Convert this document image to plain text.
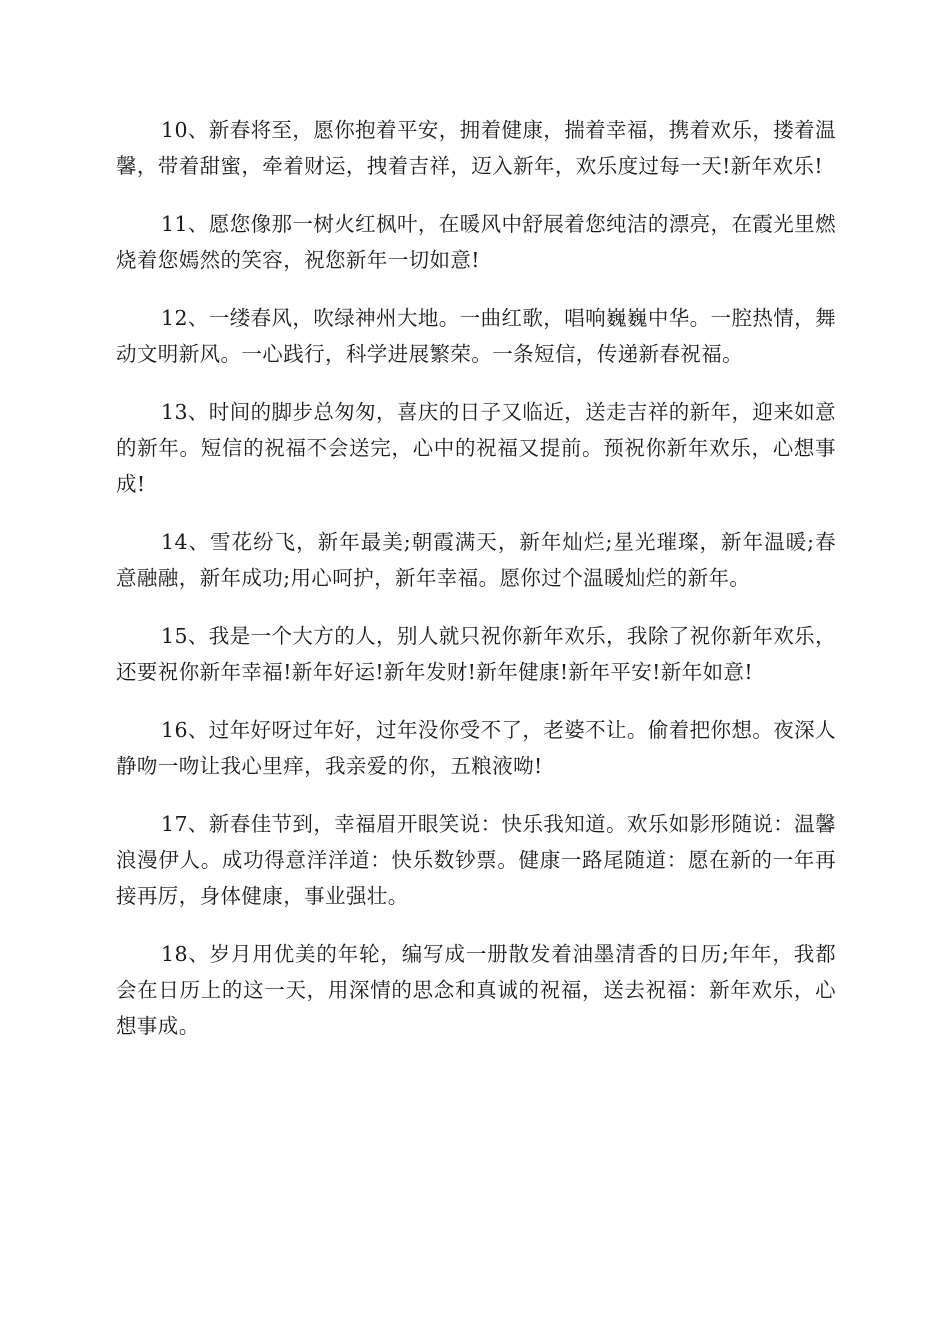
10、新春将至，愿你抱着平安，拥着健康，揣着幸福，携着欢乐，搂着温馨，带着甜蜜，牵着财运，拽着吉祥，迈入新年，欢乐度过每一天!新年欢乐!

11、愿您像那一树火红枫叶，在暖风中舒展着您纯洁的漂亮，在霞光里燃烧着您嫣然的笑容，祝您新年一切如意!

12、一缕春风，吹绿神州大地。一曲红歌，唱响巍巍中华。一腔热情，舞动文明新风。一心践行，科学进展繁荣。一条短信，传递新春祝福。

13、时间的脚步总匆匆，喜庆的日子又临近，送走吉祥的新年，迎来如意的新年。短信的祝福不会送完，心中的祝福又提前。预祝你新年欢乐，心想事成!

14、雪花纷飞，新年最美;朝霞满天，新年灿烂;星光璀璨，新年温暖;春意融融，新年成功;用心呵护，新年幸福。愿你过个温暖灿烂的新年。

15、我是一个大方的人，别人就只祝你新年欢乐，我除了祝你新年欢乐，还要祝你新年幸福!新年好运!新年发财!新年健康!新年平安!新年如意!

16、过年好呀过年好，过年没你受不了，老婆不让。偷着把你想。夜深人静吻一吻让我心里痒，我亲爱的你，五粮液呦!

17、新春佳节到，幸福眉开眼笑说：快乐我知道。欢乐如影形随说：温馨浪漫伊人。成功得意洋洋道：快乐数钞票。健康一路尾随道：愿在新的一年再接再厉，身体健康，事业强壮。

18、岁月用优美的年轮，编写成一册散发着油墨清香的日历;年年，我都会在日历上的这一天，用深情的思念和真诚的祝福，送去祝福：新年欢乐，心想事成。
